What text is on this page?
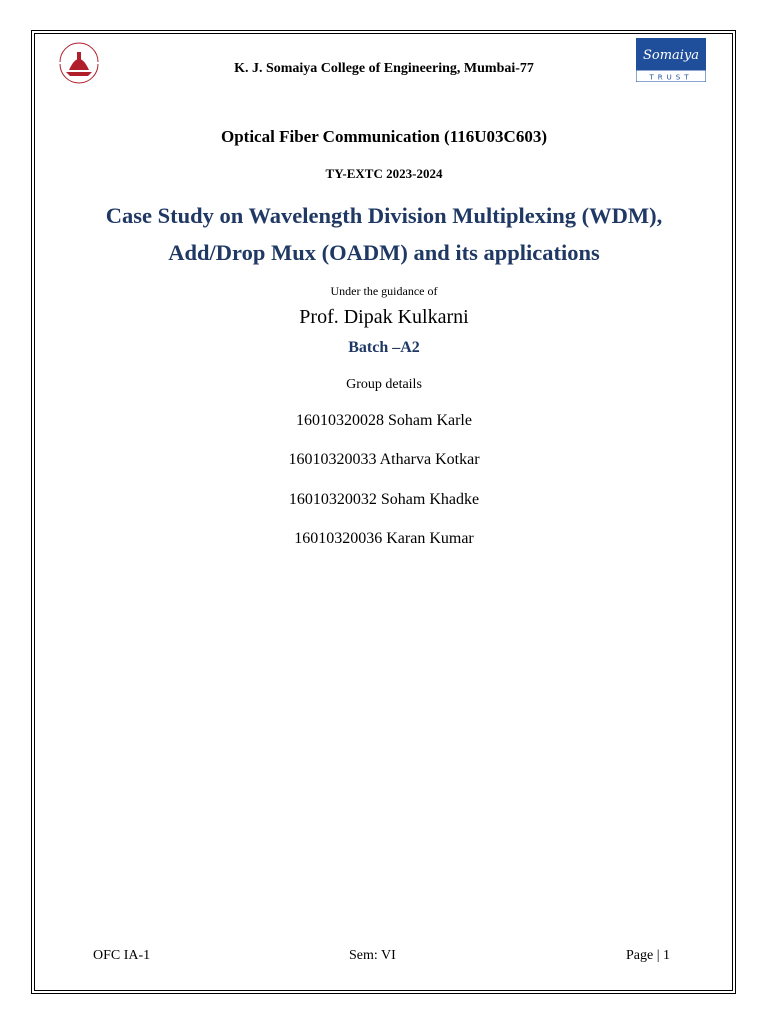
Somaiya
TRUST
K. J. Somaiya College of Engineering, Mumbai-77
Optical Fiber Communication (116U03C603)
TY-EXTC 2023-2024
Case Study on Wavelength Division Multiplexing (WDM),
Add/Drop Mux (OADM) and its applications
Under the guidance of
Prof. Dipak Kulkarni
Batch –A2
Group details
16010320028 Soham Karle
16010320033 Atharva Kotkar
16010320032 Soham Khadke
16010320036 Karan Kumar
OFC IA-1	Sem: VI	Page | 1
